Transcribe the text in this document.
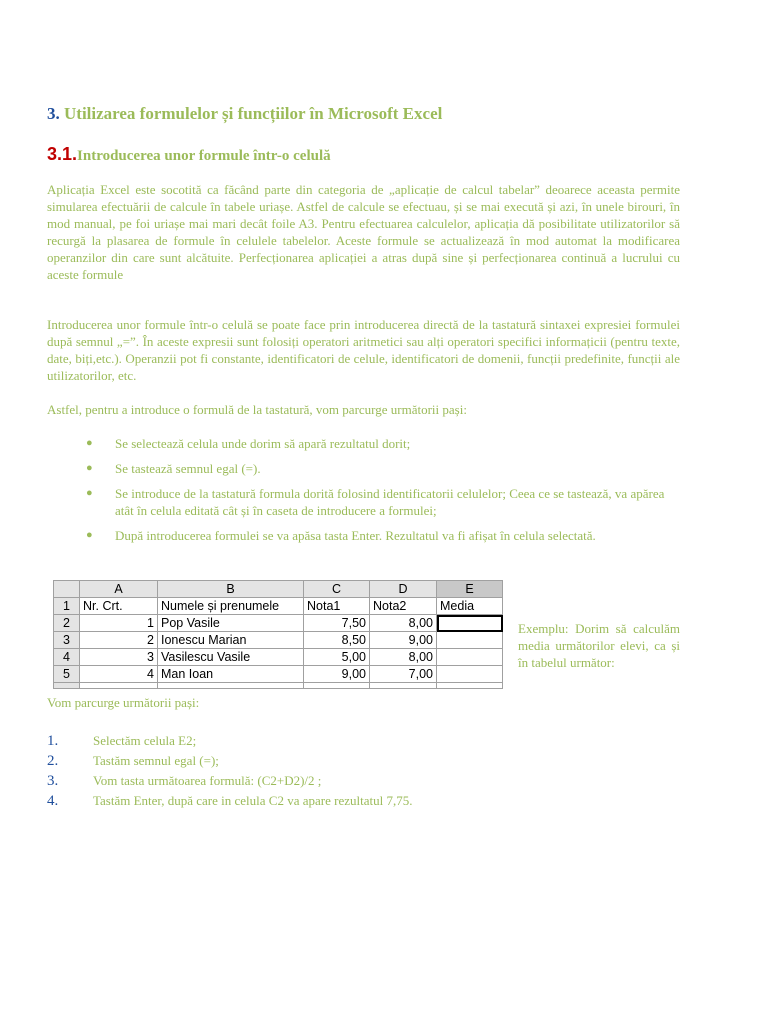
3. Utilizarea formulelor și funcțiilor în Microsoft Excel
3.1.Introducerea unor formule într-o celulă

Aplicația Excel este socotită ca făcând parte din categoria de „aplicație de calcul tabelar” deoarece aceasta permite simularea efectuării de calcule în tabele uriașe. Astfel de calcule se efectuau, și se mai execută și azi, în unele birouri, în mod manual, pe foi uriașe mai mari decât foile A3. Pentru efectuarea calculelor, aplicația dă posibilitate utilizatorilor să recurgă la plasarea de formule în celulele tabelelor. Aceste formule se actualizează în mod automat la modificarea operanzilor din care sunt alcătuite. Perfecționarea aplicației a atras după sine și perfecționarea continuă a lucrului cu aceste formule

Introducerea unor formule într-o celulă se poate face prin introducerea directă de la tastatură sintaxei expresiei formulei după semnul „=”. În aceste expresii sunt folosiți operatori aritmetici sau alți operatori specifici informațicii (pentru texte, date, biți,etc.). Operanzii pot fi constante, identificatori de celule, identificatori de domenii, funcții predefinite, funcții ale utilizatorilor, etc.

Astfel, pentru a introduce o formulă de la tastatură, vom parcurge următorii pași:

● Se selectează celula unde dorim să apară rezultatul dorit;
● Se tastează semnul egal (=).
● Se introduce de la tastatură formula dorită folosind identificatorii celulelor; Ceea ce se tastează, va apărea atât în celula editată cât și în caseta de introducere a formulei;
● După introducerea formulei se va apăsa tasta Enter. Rezultatul va fi afișat în celula selectată.
	A	B	C	D	E
1	Nr. Crt.	Numele și prenumele	Nota1	Nota2	Media
2	1	Pop Vasile	7,50	8,00	
3	2	Ionescu Marian	8,50	9,00	
4	3	Vasilescu Vasile	5,00	8,00	
5	4	Man Ioan	9,00	7,00	

Exemplu: Dorim să calculăm media următorilor elevi, ca și în tabelul următor:

Vom parcurge următorii pași:

1.	Selectăm celula E2;
2.	Tastăm semnul egal (=);
3.	Vom tasta următoarea formulă: (C2+D2)/2 ;
4.	Tastăm Enter, după care in celula C2 va apare rezultatul 7,75.
